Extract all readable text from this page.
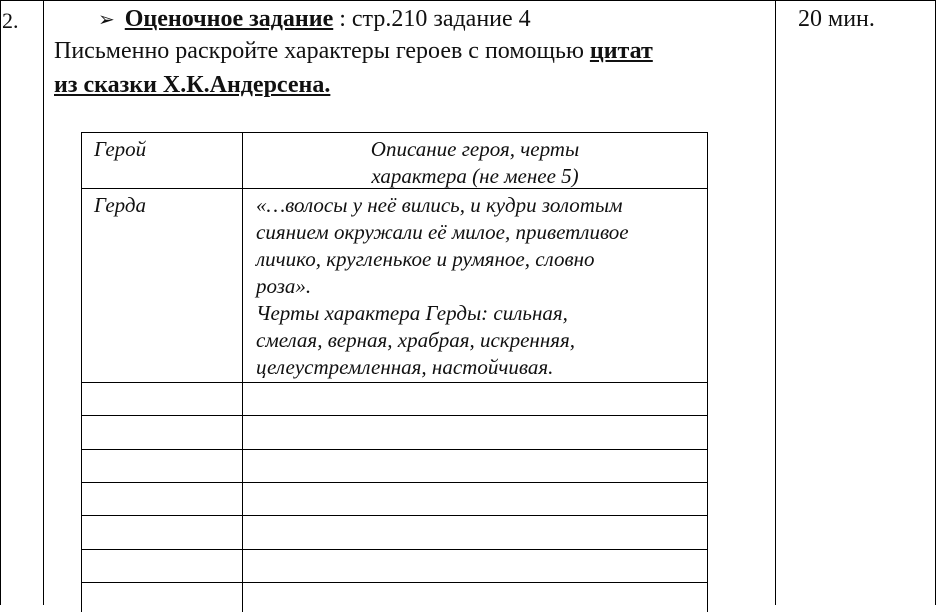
2.	➢ Оценочное задание : стр.210 задание 4
Письменно раскройте характеры героев с помощью цитат
из сказки Х.К.Андерсена.
20 мин.
Герой	Описание героя, черты
характера (не менее 5)
Герда	«…волосы у неё вились, и кудри золотым

сиянием окружали её милое, приветливое

личико, кругленькое и румяное, словно

роза».

Черты характера Герды: сильная,

смелая, верная, храбрая, искренняя,

целеустремленная, настойчивая.
